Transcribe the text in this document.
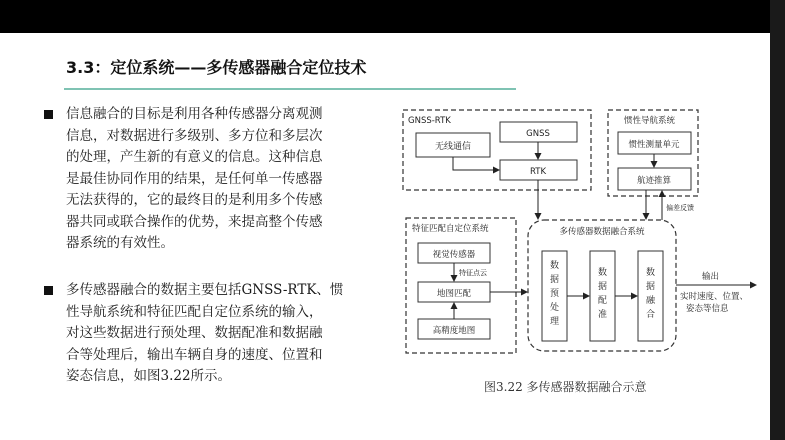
3.3：定位系统——多传感器融合定位技术
信息融合的目标是利用各种传感器分离观测
信息，对数据进行多级别、多方位和多层次
的处理，产生新的有意义的信息。这种信息
是最佳协同作用的结果，是任何单一传感器
无法获得的，它的最终目的是利用多个传感
器共同或联合操作的优势，来提高整个传感
器系统的有效性。
多传感器融合的数据主要包括GNSS-RTK、惯
性导航系统和特征匹配自定位系统的输入，
对这些数据进行预处理、数据配准和数据融
合等处理后，输出车辆自身的速度、位置和
姿态信息，如图3.22所示。
GNSS-RTK
无线通信
GNSS
RTK
惯性导航系统
惯性测量单元
航迹推算
偏差反馈
特征匹配自定位系统
视觉传感器
特征点云
地图匹配
高精度地图
多传感器数据融合系统
数
据
预
处
理
数
据
配
准
数
据
融
合
输出
实时速度、位置、
姿态等信息
图3.22 多传感器数据融合示意
